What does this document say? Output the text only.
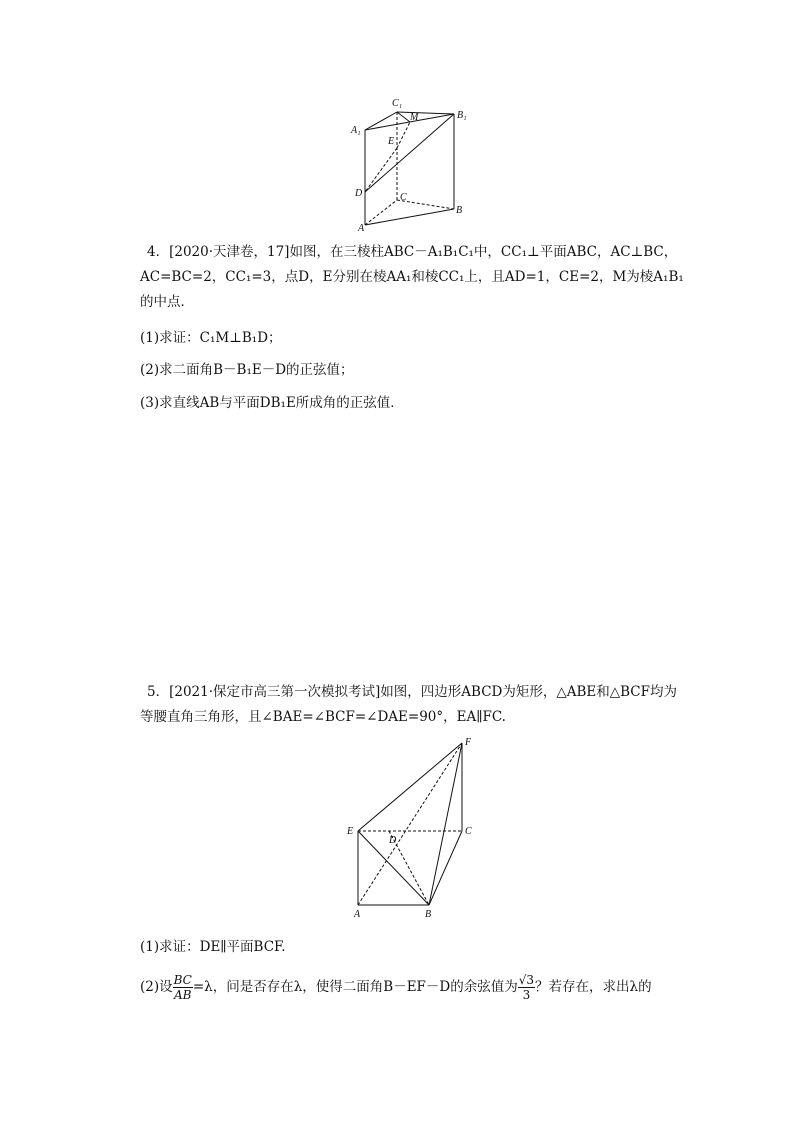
C₁
B₁
A₁
M
E
D	C
B
A

4．[2020·天津卷，17]如图，在三棱柱ABC－A₁B₁C₁中，CC₁⊥平面ABC，AC⊥BC，AC=BC=2，CC₁=3，点D，E分别在棱AA₁和棱CC₁上，且AD=1，CE=2，M为棱A₁B₁的中点．

(1)求证：C₁M⊥B₁D；

(2)求二面角B－B₁E－D的正弦值；

(3)求直线AB与平面DB₁E所成角的正弦值．

5．[2021·保定市高三第一次模拟考试]如图，四边形ABCD为矩形，△ABE和△BCF均为等腰直角三角形，且∠BAE=∠BCF=∠DAE=90°，EA∥FC.

F
E
D
C
A	B

(1)求证：DE∥平面BCF.

(2)设 $\frac{BC}{AB} =\lambda$，问是否存在λ，使得二面角B－EF－D的余弦值为 $\frac{√3}{3}$？若存在，求出λ的
